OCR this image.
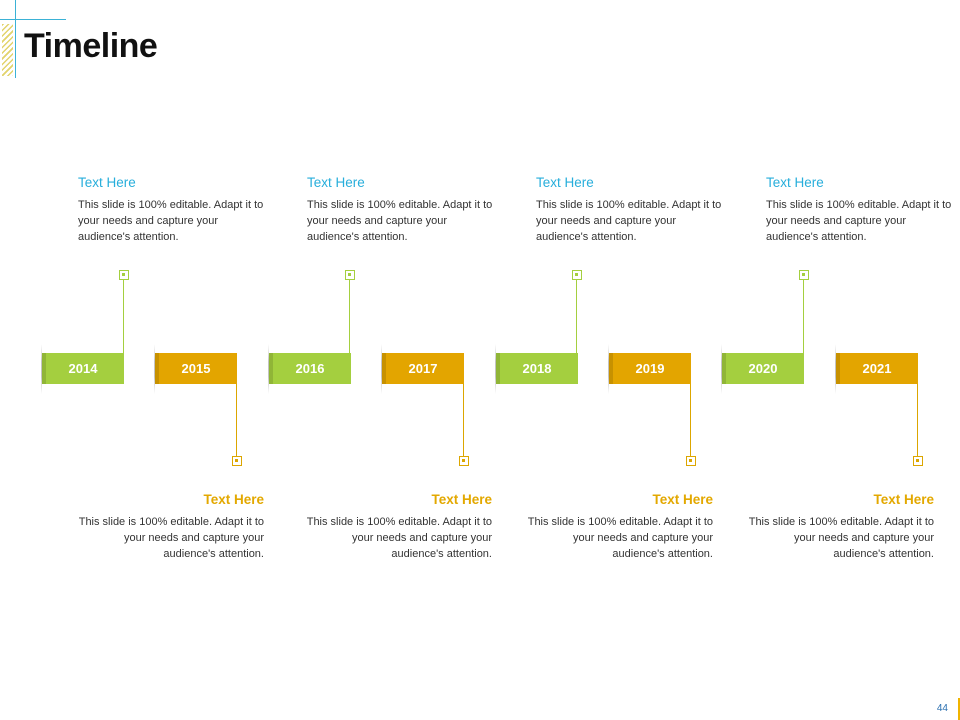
Timeline

Text Here

This slide is 100% editable. Adapt it to your needs and capture your audience's attention.

Text Here

This slide is 100% editable. Adapt it to your needs and capture your audience's attention.

Text Here

This slide is 100% editable. Adapt it to your needs and capture your audience's attention.

Text Here

This slide is 100% editable. Adapt it to your needs and capture your audience's attention.

2014	2015	2016	2017	2018	2019	2020	2021

Text Here

This slide is 100% editable. Adapt it to your needs and capture your audience's attention.

Text Here

This slide is 100% editable. Adapt it to your needs and capture your audience's attention.

Text Here

This slide is 100% editable. Adapt it to your needs and capture your audience's attention.

Text Here

This slide is 100% editable. Adapt it to your needs and capture your audience's attention.

44
